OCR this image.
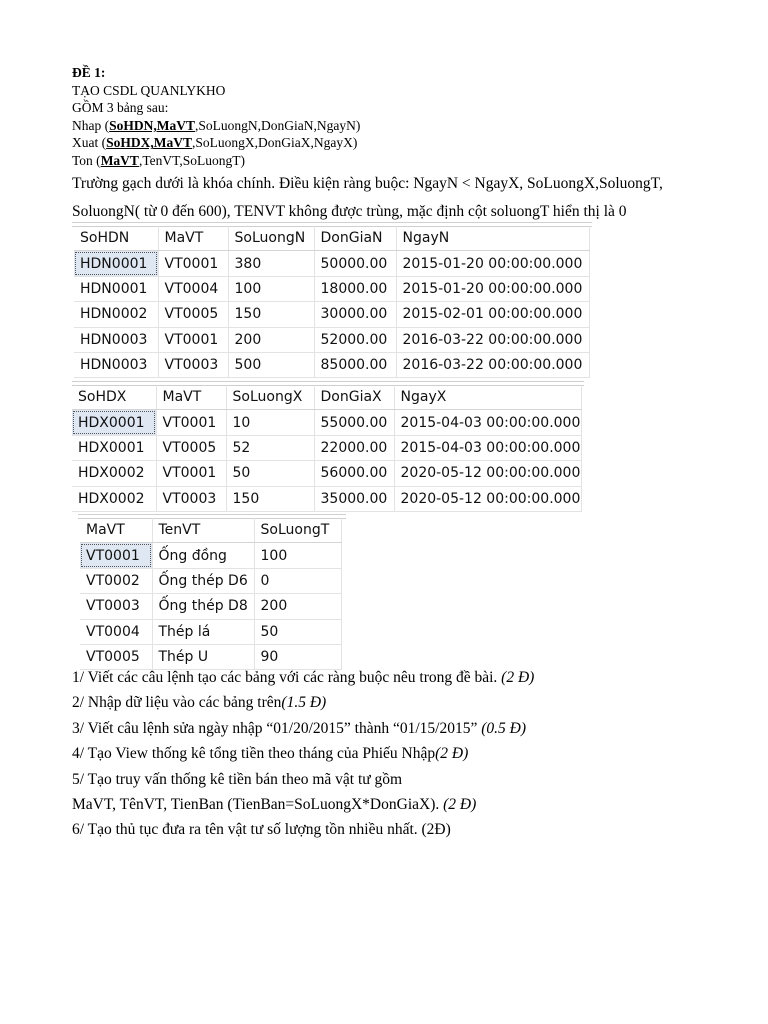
ĐỀ 1:
TẠO CSDL QUANLYKHO
GỒM 3 bảng sau:
Nhap (SoHDN,MaVT,SoLuongN,DonGiaN,NgayN)
Xuat (SoHDX,MaVT,SoLuongX,DonGiaX,NgayX)
Ton (MaVT,TenVT,SoLuongT)
Trường gạch dưới là khóa chính. Điều kiện ràng buộc: NgayN < NgayX, SoLuongX,SoluongT,
SoluongN( từ 0 đến 600), TENVT không được trùng, mặc định cột soluongT hiển thị là 0
SoHDN	MaVT	SoLuongN	DonGiaN	NgayN
HDN0001	VT0001	380	50000.00	2015-01-20 00:00:00.000
HDN0001	VT0004	100	18000.00	2015-01-20 00:00:00.000
HDN0002	VT0005	150	30000.00	2015-02-01 00:00:00.000
HDN0003	VT0001	200	52000.00	2016-03-22 00:00:00.000
HDN0003	VT0003	500	85000.00	2016-03-22 00:00:00.000
SoHDX	MaVT	SoLuongX	DonGiaX	NgayX
HDX0001	VT0001	10	55000.00	2015-04-03 00:00:00.000
HDX0001	VT0005	52	22000.00	2015-04-03 00:00:00.000
HDX0002	VT0001	50	56000.00	2020-05-12 00:00:00.000
HDX0002	VT0003	150	35000.00	2020-05-12 00:00:00.000
MaVT	TenVT	SoLuongT
VT0001	Ống đồng	100
VT0002	Ống thép D6	0
VT0003	Ống thép D8	200
VT0004	Thép lá	50
VT0005	Thép U	90
1/ Viết các câu lệnh tạo các bảng với các ràng buộc nêu trong đề bài. (2 Đ)
2/ Nhập dữ liệu vào các bảng trên(1.5 Đ)
3/ Viết câu lệnh sửa ngày nhập “01/20/2015” thành “01/15/2015” (0.5 Đ)
4/ Tạo View thống kê tổng tiền theo tháng của Phiếu Nhập(2 Đ)
5/ Tạo truy vấn thống kê tiền bán theo mã vật tư gồm
MaVT, TênVT, TienBan (TienBan=SoLuongX*DonGiaX). (2 Đ)
6/ Tạo thủ tục đưa ra tên vật tư số lượng tồn nhiều nhất. (2Đ)
